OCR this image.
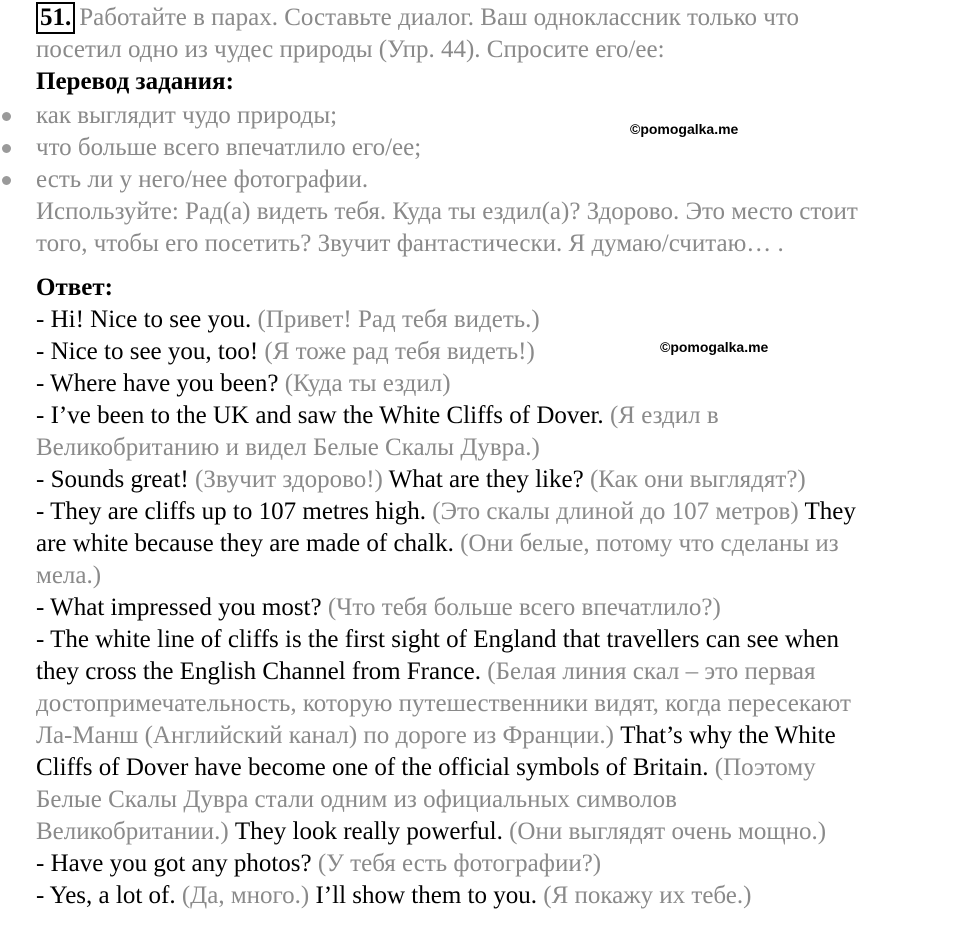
51. Работайте в парах. Составьте диалог. Ваш одноклассник только что

посетил одно из чудес природы (Упр. 44). Спросите его/ее:

Перевод задания:

как выглядит чудо природы;
что больше всего впечатлило его/ее;
есть ли у него/нее фотографии.

Используйте: Рад(а) видеть тебя. Куда ты ездил(а)? Здорово. Это место стоит

того, чтобы его посетить? Звучит фантастически. Я думаю/считаю… .

Ответ:

- Hi! Nice to see you. (Привет! Рад тебя видеть.)

- Nice to see you, too! (Я тоже рад тебя видеть!)

- Where have you been? (Куда ты ездил)

- I’ve been to the UK and saw the White Cliffs of Dover. (Я ездил в

Великобританию и видел Белые Скалы Дувра.)

- Sounds great! (Звучит здорово!) What are they like? (Как они выглядят?)

- They are cliffs up to 107 metres high. (Это скалы длиной до 107 метров) They

are white because they are made of chalk. (Они белые, потому что сделаны из

мела.)

- What impressed you most? (Что тебя больше всего впечатлило?)

- The white line of cliffs is the first sight of England that travellers can see when

they cross the English Channel from France. (Белая линия скал – это первая

достопримечательность, которую путешественники видят, когда пересекают

Ла-Манш (Английский канал) по дороге из Франции.) That’s why the White

Cliffs of Dover have become one of the official symbols of Britain. (Поэтому

Белые Скалы Дувра стали одним из официальных символов

Великобритании.) They look really powerful. (Они выглядят очень мощно.)

- Have you got any photos? (У тебя есть фотографии?)

- Yes, a lot of. (Да, много.) I’ll show them to you. (Я покажу их тебе.)

©pomogalka.me
©pomogalka.me
